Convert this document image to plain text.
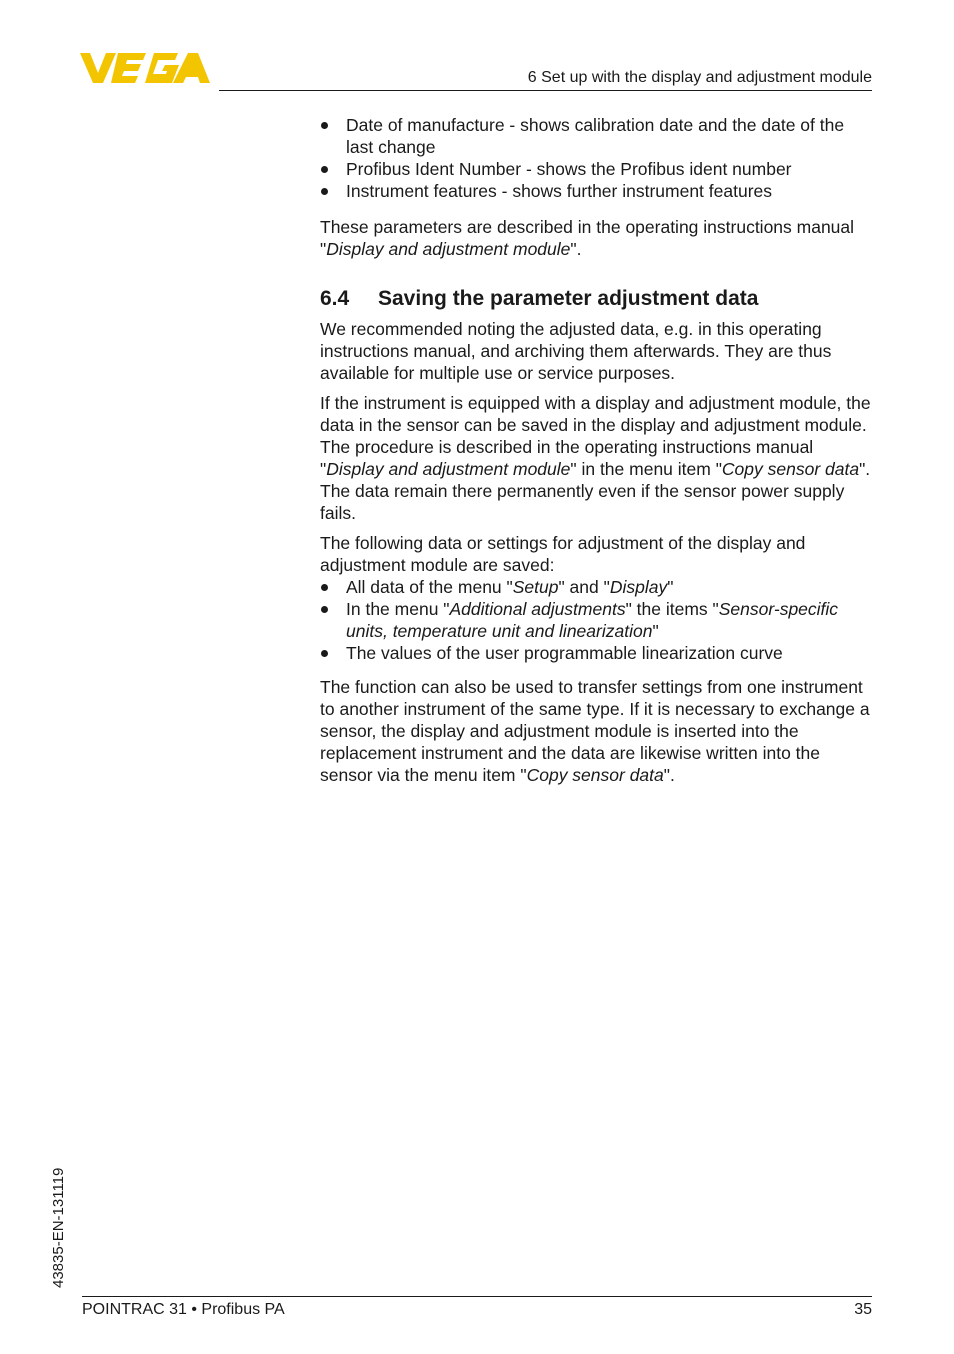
6 Set up with the display and adjustment module
Date of manufacture - shows calibration date and the date of the last change
Profibus Ident Number - shows the Profibus ident number
Instrument features - shows further instrument features

These parameters are described in the operating instructions manual "Display and adjustment module".

6.4 Saving the parameter adjustment data

We recommended noting the adjusted data, e.g. in this operating instructions manual, and archiving them afterwards. They are thus available for multiple use or service purposes.

If the instrument is equipped with a display and adjustment module, the data in the sensor can be saved in the display and adjustment module. The procedure is described in the operating instructions manual "Display and adjustment module" in the menu item "Copy sensor data". The data remain there permanently even if the sensor power supply fails.

The following data or settings for adjustment of the display and adjustment module are saved:

All data of the menu "Setup" and "Display"
In the menu "Additional adjustments" the items "Sensor-specific units, temperature unit and linearization"
The values of the user programmable linearization curve

The function can also be used to transfer settings from one instrument to another instrument of the same type. If it is necessary to exchange a sensor, the display and adjustment module is inserted into the replacement instrument and the data are likewise written into the sensor via the menu item "Copy sensor data".

43835-EN-131119
POINTRAC 31 • Profibus PA	35
